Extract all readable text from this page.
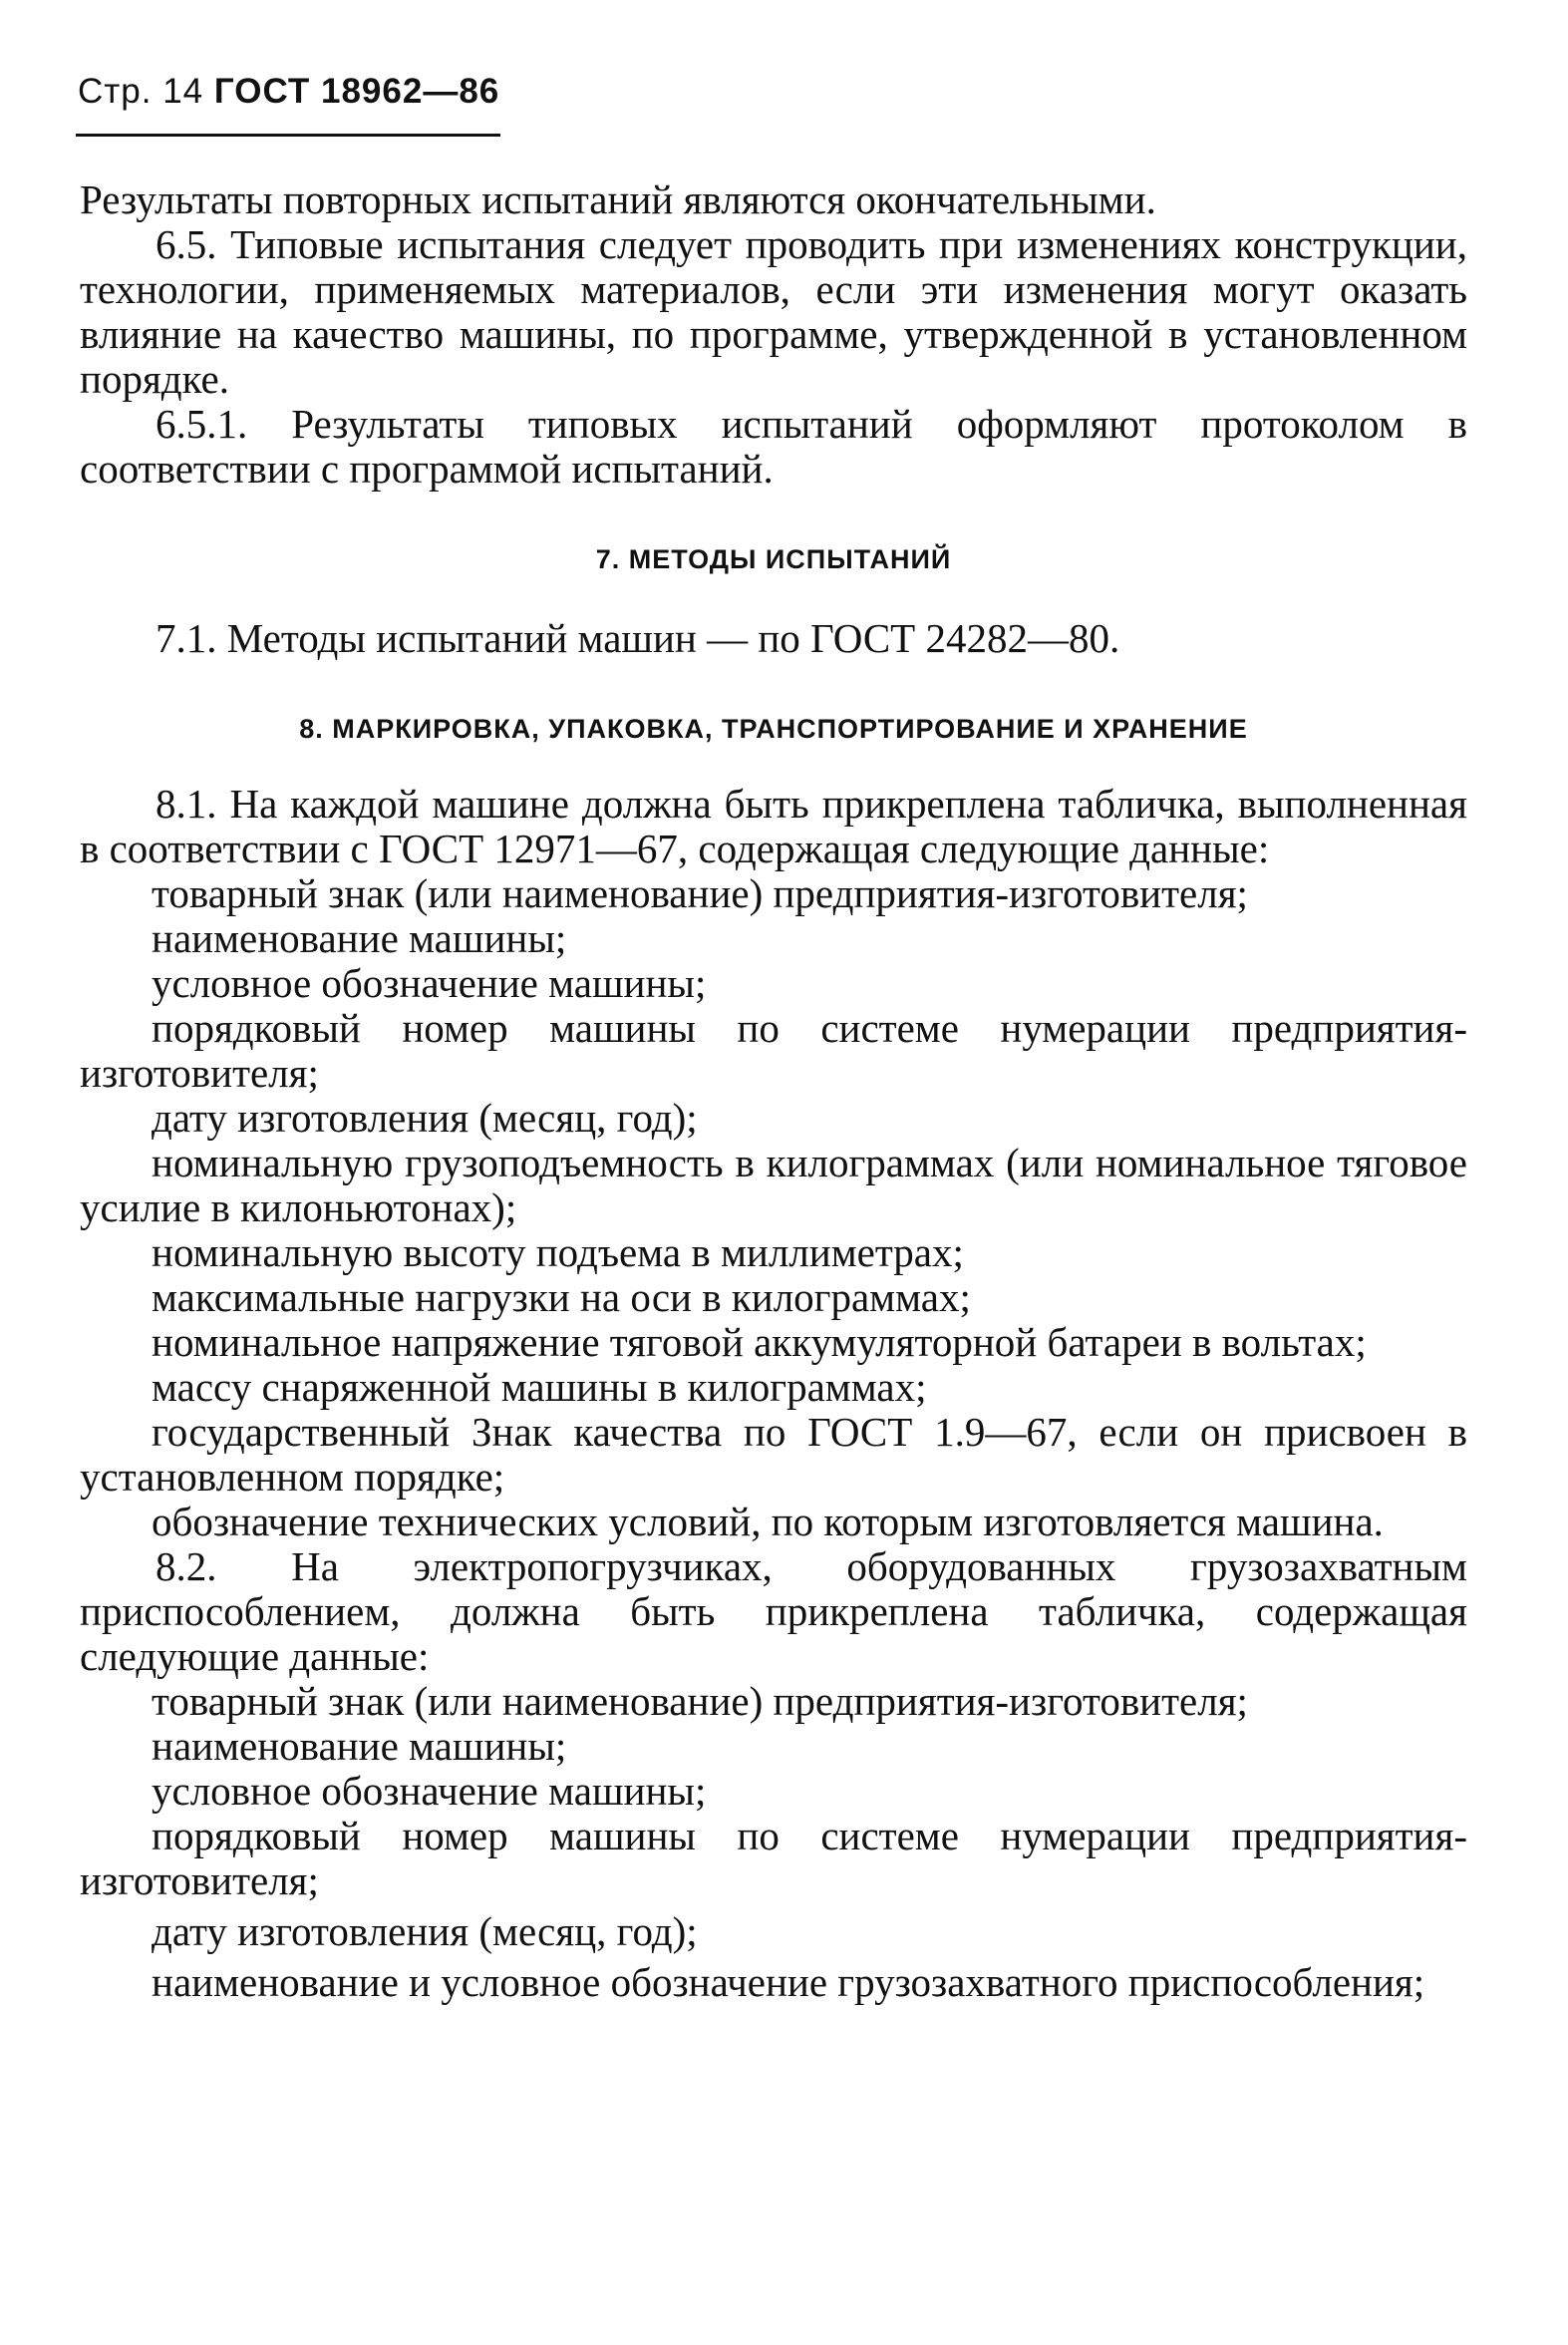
Стр. 14 ГОСТ 18962—86

Результаты повторных испытаний являются окончательными.

6.5. Типовые испытания следует проводить при изменениях конструкции, технологии, применяемых материалов, если эти изменения могут оказать влияние на качество машины, по программе, утвержденной в установленном порядке.

6.5.1. Результаты типовых испытаний оформляют протоколом в соответствии с программой испытаний.

7. МЕТОДЫ ИСПЫТАНИЙ

7.1. Методы испытаний машин — по ГОСТ 24282—80.

8. МАРКИРОВКА, УПАКОВКА, ТРАНСПОРТИРОВАНИЕ И ХРАНЕНИЕ

8.1. На каждой машине должна быть прикреплена табличка, выполненная в соответствии с ГОСТ 12971—67, содержащая следующие данные:

товарный знак (или наименование) предприятия-изготовителя;

наименование машины;

условное обозначение машины;

порядковый номер машины по системе нумерации предприятия-изготовителя;

дату изготовления (месяц, год);

номинальную грузоподъемность в килограммах (или номинальное тяговое усилие в килоньютонах);

номинальную высоту подъема в миллиметрах;

максимальные нагрузки на оси в килограммах;

номинальное напряжение тяговой аккумуляторной батареи в вольтах;

массу снаряженной машины в килограммах;

государственный Знак качества по ГОСТ 1.9—67, если он присвоен в установленном порядке;

обозначение технических условий, по которым изготовляется машина.

8.2. На электропогрузчиках, оборудованных грузозахватным приспособлением, должна быть прикреплена табличка, содержащая следующие данные:

товарный знак (или наименование) предприятия-изготовителя;

наименование машины;

условное обозначение машины;

порядковый номер машины по системе нумерации предприятия-изготовителя;

дату изготовления (месяц, год);

наименование и условное обозначение грузозахватного приспособления;
